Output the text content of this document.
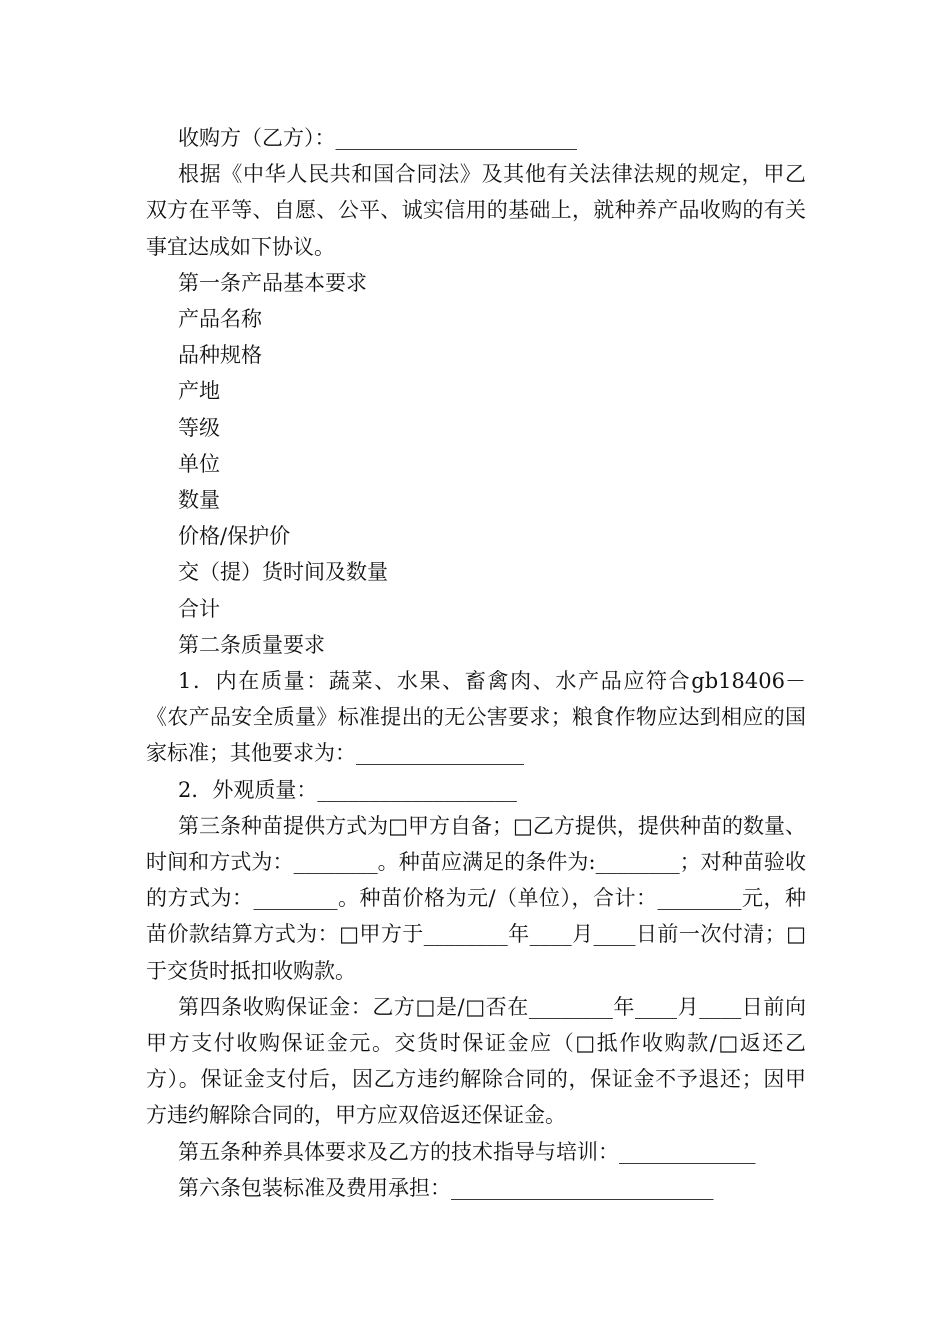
收购方（乙方）：_______________________

根据《中华人民共和国合同法》及其他有关法律法规的规定，甲乙双方在平等、自愿、公平、诚实信用的基础上，就种养产品收购的有关事宜达成如下协议。

第一条产品基本要求

产品名称

品种规格

产地

等级

单位

数量

价格/保护价

交（提）货时间及数量

合计

第二条质量要求

1．内在质量：蔬菜、水果、畜禽肉、水产品应符合gb18406－《农产品安全质量》标准提出的无公害要求；粮食作物应达到相应的国家标准；其他要求为：________________

2．外观质量：___________________

第三条种苗提供方式为□甲方自备；□乙方提供，提供种苗的数量、时间和方式为：________。种苗应满足的条件为:________；对种苗验收的方式为：________。种苗价格为元/（单位），合计：________元，种苗价款结算方式为：□甲方于________年____月____日前一次付清；□于交货时抵扣收购款。

第四条收购保证金：乙方□是/□否在________年____月____日前向甲方支付收购保证金元。交货时保证金应（□抵作收购款/□返还乙方）。保证金支付后，因乙方违约解除合同的，保证金不予退还；因甲方违约解除合同的，甲方应双倍返还保证金。

第五条种养具体要求及乙方的技术指导与培训：_____________

第六条包装标准及费用承担：_________________________
